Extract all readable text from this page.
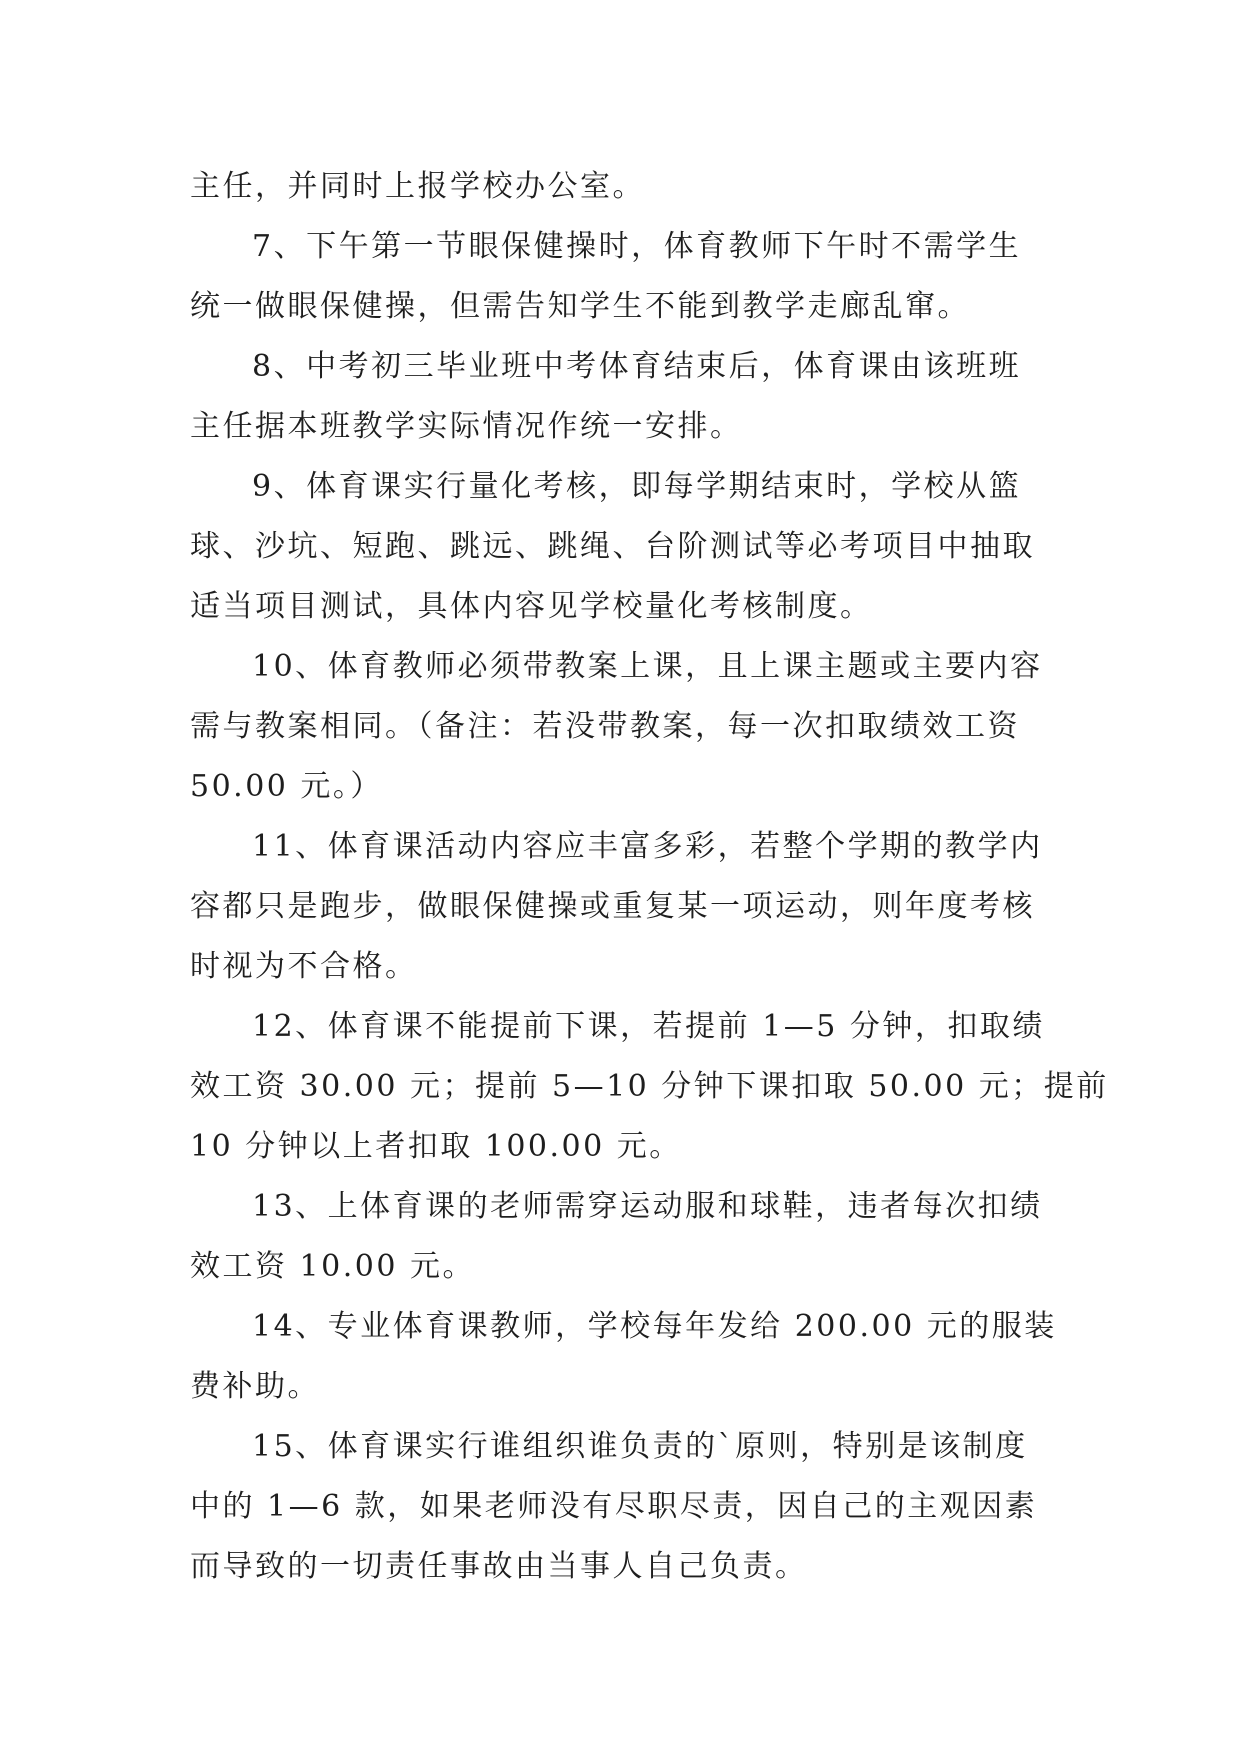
主任，并同时上报学校办公室。
7、下午第一节眼保健操时，体育教师下午时不需学生
统一做眼保健操，但需告知学生不能到教学走廊乱窜。
8、中考初三毕业班中考体育结束后，体育课由该班班
主任据本班教学实际情况作统一安排。
9、体育课实行量化考核，即每学期结束时，学校从篮
球、沙坑、短跑、跳远、跳绳、台阶测试等必考项目中抽取
适当项目测试，具体内容见学校量化考核制度。
10、体育教师必须带教案上课，且上课主题或主要内容
需与教案相同。（备注：若没带教案，每一次扣取绩效工资
50.00 元。）
11、体育课活动内容应丰富多彩，若整个学期的教学内
容都只是跑步，做眼保健操或重复某一项运动，则年度考核
时视为不合格。
12、体育课不能提前下课，若提前 1—5 分钟，扣取绩
效工资 30.00 元；提前 5—10 分钟下课扣取 50.00 元；提前
10 分钟以上者扣取 100.00 元。
13、上体育课的老师需穿运动服和球鞋，违者每次扣绩
效工资 10.00 元。
14、专业体育课教师，学校每年发给 200.00 元的服装
费补助。
15、体育课实行谁组织谁负责的`原则，特别是该制度
中的 1—6 款，如果老师没有尽职尽责，因自己的主观因素
而导致的一切责任事故由当事人自己负责。
